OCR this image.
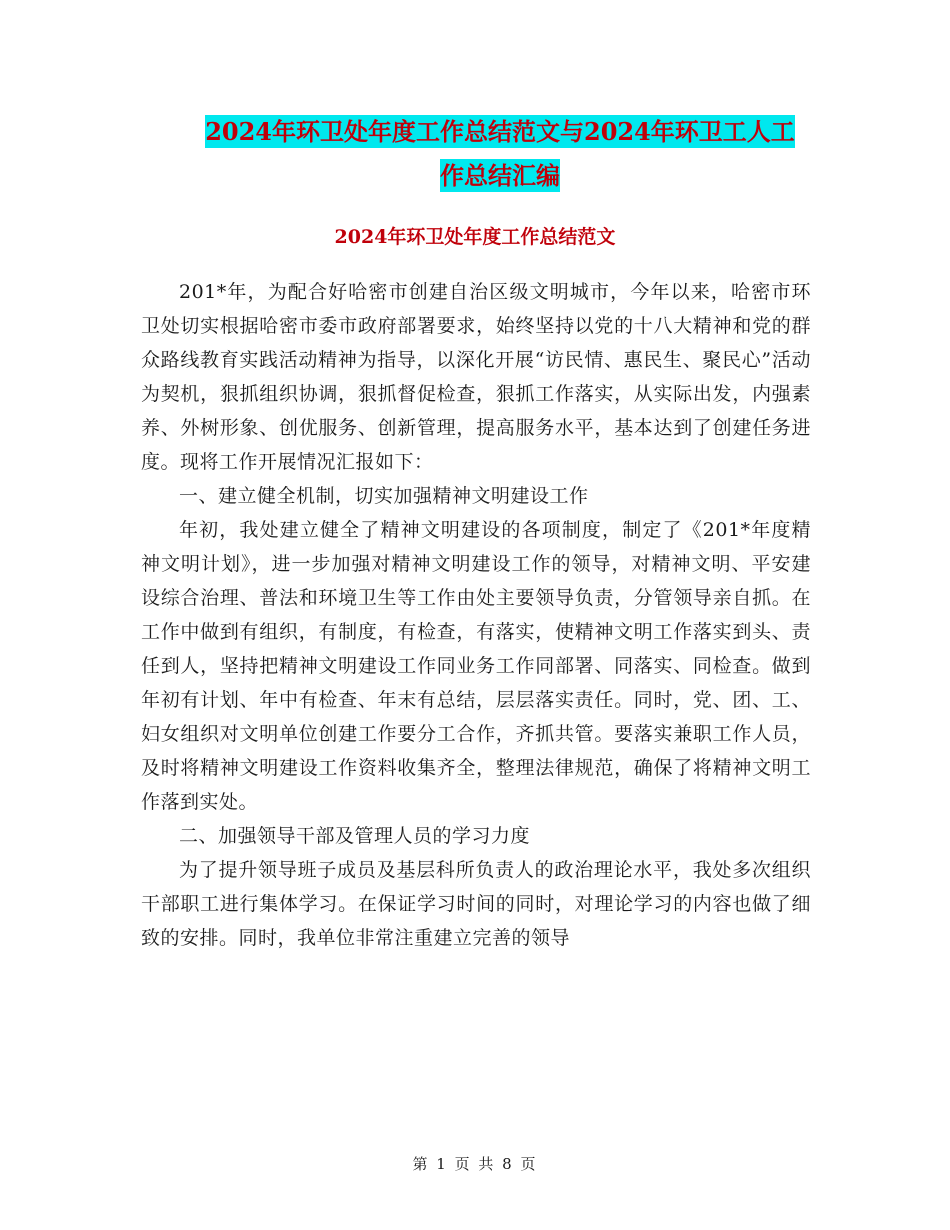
2024年环卫处年度工作总结范文与2024年环卫工人工
作总结汇编
2024年环卫处年度工作总结范文

201*年，为配合好哈密市创建自治区级文明城市，今年以来，哈密市环卫处切实根据哈密市委市政府部署要求，始终坚持以党的十八大精神和党的群众路线教育实践活动精神为指导，以深化开展“访民情、惠民生、聚民心”活动为契机，狠抓组织协调，狠抓督促检查，狠抓工作落实，从实际出发，内强素养、外树形象、创优服务、创新管理，提高服务水平，基本达到了创建任务进度。现将工作开展情况汇报如下：

一、建立健全机制，切实加强精神文明建设工作

年初，我处建立健全了精神文明建设的各项制度，制定了《201*年度精神文明计划》，进一步加强对精神文明建设工作的领导，对精神文明、平安建设综合治理、普法和环境卫生等工作由处主要领导负责，分管领导亲自抓。在工作中做到有组织，有制度，有检查，有落实，使精神文明工作落实到头、责任到人，坚持把精神文明建设工作同业务工作同部署、同落实、同检查。做到年初有计划、年中有检查、年末有总结，层层落实责任。同时，党、团、工、妇女组织对文明单位创建工作要分工合作，齐抓共管。要落实兼职工作人员，及时将精神文明建设工作资料收集齐全，整理法律规范，确保了将精神文明工作落到实处。

二、加强领导干部及管理人员的学习力度

为了提升领导班子成员及基层科所负责人的政治理论水平，我处多次组织干部职工进行集体学习。在保证学习时间的同时，对理论学习的内容也做了细致的安排。同时，我单位非常注重建立完善的领导

第 1 页 共 8 页
